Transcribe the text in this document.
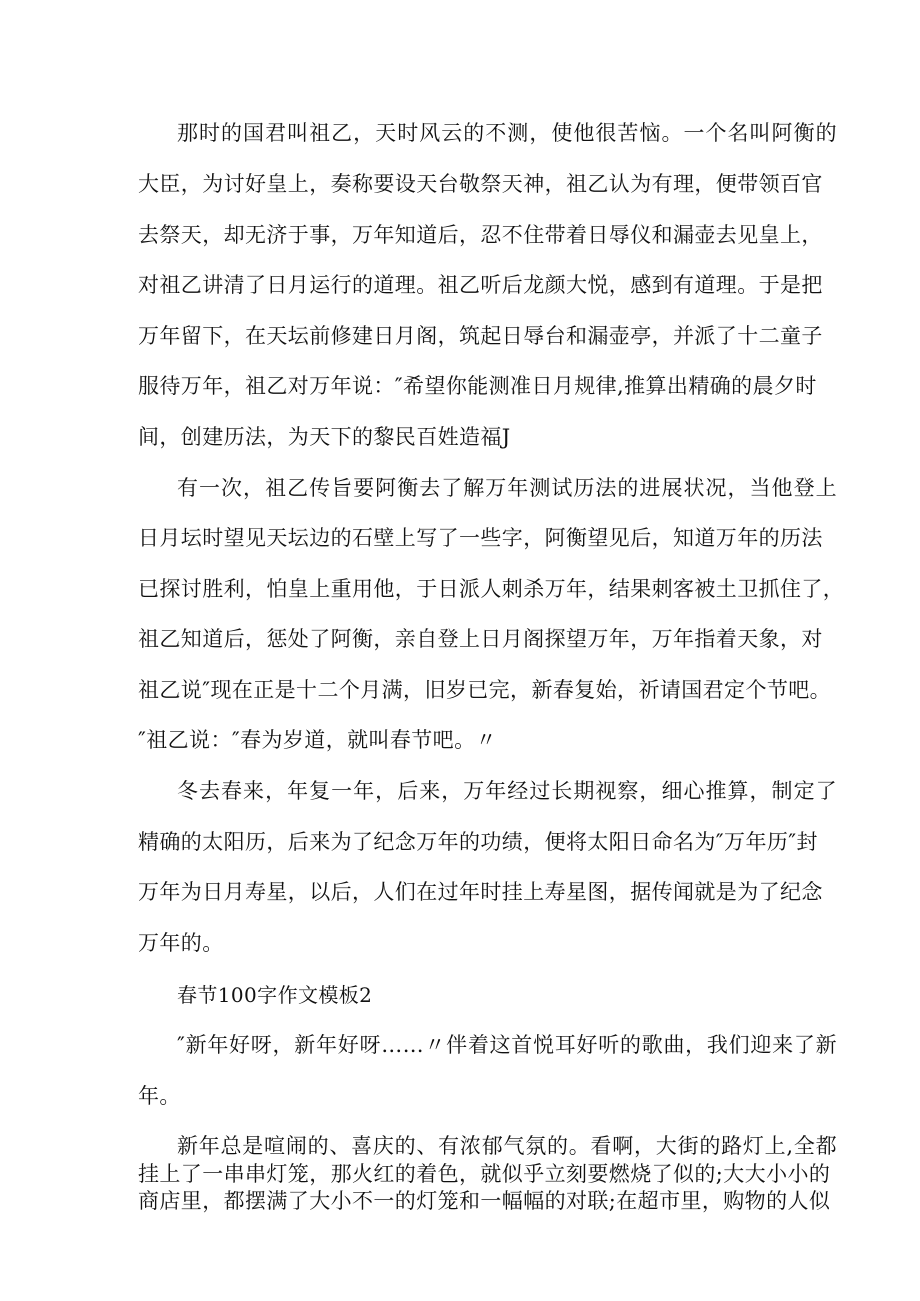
那时的国君叫祖乙，天时风云的不测，使他很苦恼。一个名叫阿衡的
大臣，为讨好皇上，奏称要设天台敬祭天神，祖乙认为有理，便带领百官
去祭天，却无济于事，万年知道后，忍不住带着日辱仪和漏壶去见皇上，
对祖乙讲清了日月运行的道理。祖乙听后龙颜大悦，感到有道理。于是把
万年留下，在天坛前修建日月阁，筑起日辱台和漏壶亭，并派了十二童子
服待万年，祖乙对万年说：″希望你能测准日月规律,推算出精确的晨夕时
间，创建历法，为天下的黎民百姓造福J
有一次，祖乙传旨要阿衡去了解万年测试历法的进展状况，当他登上
日月坛时望见天坛边的石壁上写了一些字，阿衡望见后，知道万年的历法
已探讨胜利，怕皇上重用他，于日派人刺杀万年，结果刺客被土卫抓住了，
祖乙知道后，惩处了阿衡，亲自登上日月阁探望万年，万年指着天象，对
祖乙说″现在正是十二个月满，旧岁已完，新春复始，祈请国君定个节吧。
″祖乙说：″春为岁道，就叫春节吧。〃
冬去春来，年复一年，后来，万年经过长期视察，细心推算，制定了
精确的太阳历，后来为了纪念万年的功绩，便将太阳日命名为″万年历″封
万年为日月寿星，以后，人们在过年时挂上寿星图，据传闻就是为了纪念
万年的。
春节100字作文模板2
″新年好呀，新年好呀……〃伴着这首悦耳好听的歌曲，我们迎来了新
年。
新年总是喧闹的、喜庆的、有浓郁气氛的。看啊，大街的路灯上,全都
挂上了一串串灯笼，那火红的着色，就似乎立刻要燃烧了似的;大大小小的
商店里，都摆满了大小不一的灯笼和一幅幅的对联;在超市里，购物的人似
